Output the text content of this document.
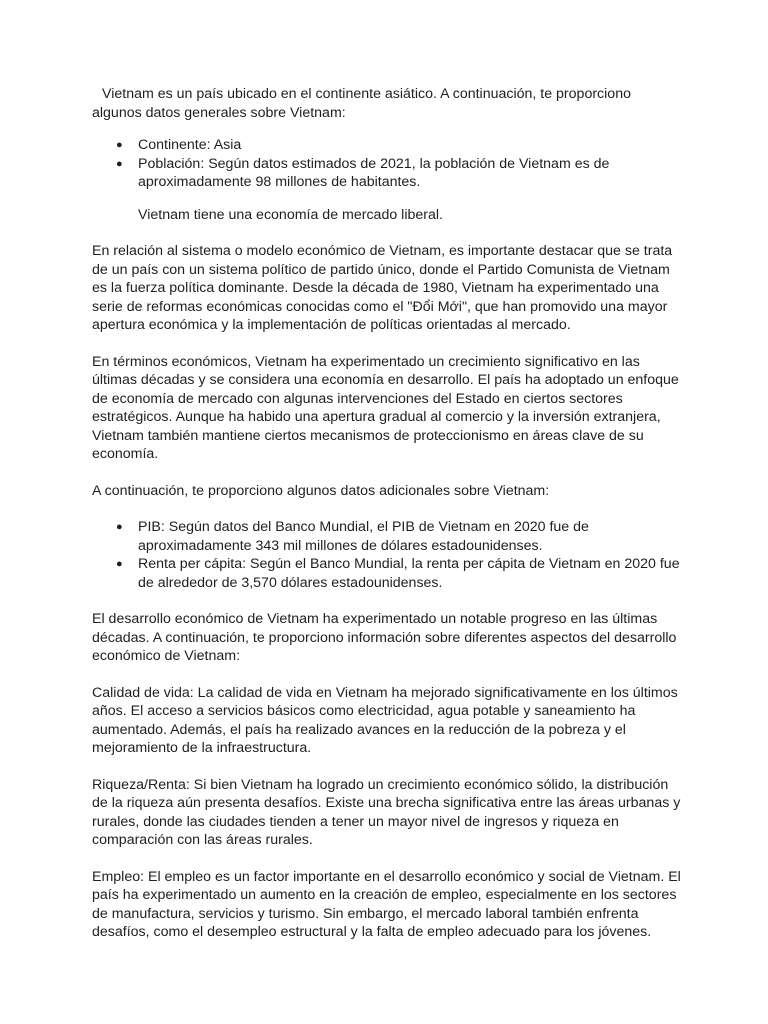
Vietnam es un país ubicado en el continente asiático. A continuación, te proporciono algunos datos generales sobre Vietnam:

● Continente: Asia
● Población: Según datos estimados de 2021, la población de Vietnam es de aproximadamente 98 millones de habitantes.

Vietnam tiene una economía de mercado liberal.

En relación al sistema o modelo económico de Vietnam, es importante destacar que se trata de un país con un sistema político de partido único, donde el Partido Comunista de Vietnam es la fuerza política dominante. Desde la década de 1980, Vietnam ha experimentado una serie de reformas económicas conocidas como el "Đổi Mới", que han promovido una mayor apertura económica y la implementación de políticas orientadas al mercado.

En términos económicos, Vietnam ha experimentado un crecimiento significativo en las últimas décadas y se considera una economía en desarrollo. El país ha adoptado un enfoque de economía de mercado con algunas intervenciones del Estado en ciertos sectores estratégicos. Aunque ha habido una apertura gradual al comercio y la inversión extranjera, Vietnam también mantiene ciertos mecanismos de proteccionismo en áreas clave de su economía.

A continuación, te proporciono algunos datos adicionales sobre Vietnam:

● PIB: Según datos del Banco Mundial, el PIB de Vietnam en 2020 fue de aproximadamente 343 mil millones de dólares estadounidenses.
● Renta per cápita: Según el Banco Mundial, la renta per cápita de Vietnam en 2020 fue de alrededor de 3,570 dólares estadounidenses.

El desarrollo económico de Vietnam ha experimentado un notable progreso en las últimas décadas. A continuación, te proporciono información sobre diferentes aspectos del desarrollo económico de Vietnam:

Calidad de vida: La calidad de vida en Vietnam ha mejorado significativamente en los últimos años. El acceso a servicios básicos como electricidad, agua potable y saneamiento ha aumentado. Además, el país ha realizado avances en la reducción de la pobreza y el mejoramiento de la infraestructura.

Riqueza/Renta: Si bien Vietnam ha logrado un crecimiento económico sólido, la distribución de la riqueza aún presenta desafíos. Existe una brecha significativa entre las áreas urbanas y rurales, donde las ciudades tienden a tener un mayor nivel de ingresos y riqueza en comparación con las áreas rurales.

Empleo: El empleo es un factor importante en el desarrollo económico y social de Vietnam. El país ha experimentado un aumento en la creación de empleo, especialmente en los sectores de manufactura, servicios y turismo. Sin embargo, el mercado laboral también enfrenta desafíos, como el desempleo estructural y la falta de empleo adecuado para los jóvenes.
